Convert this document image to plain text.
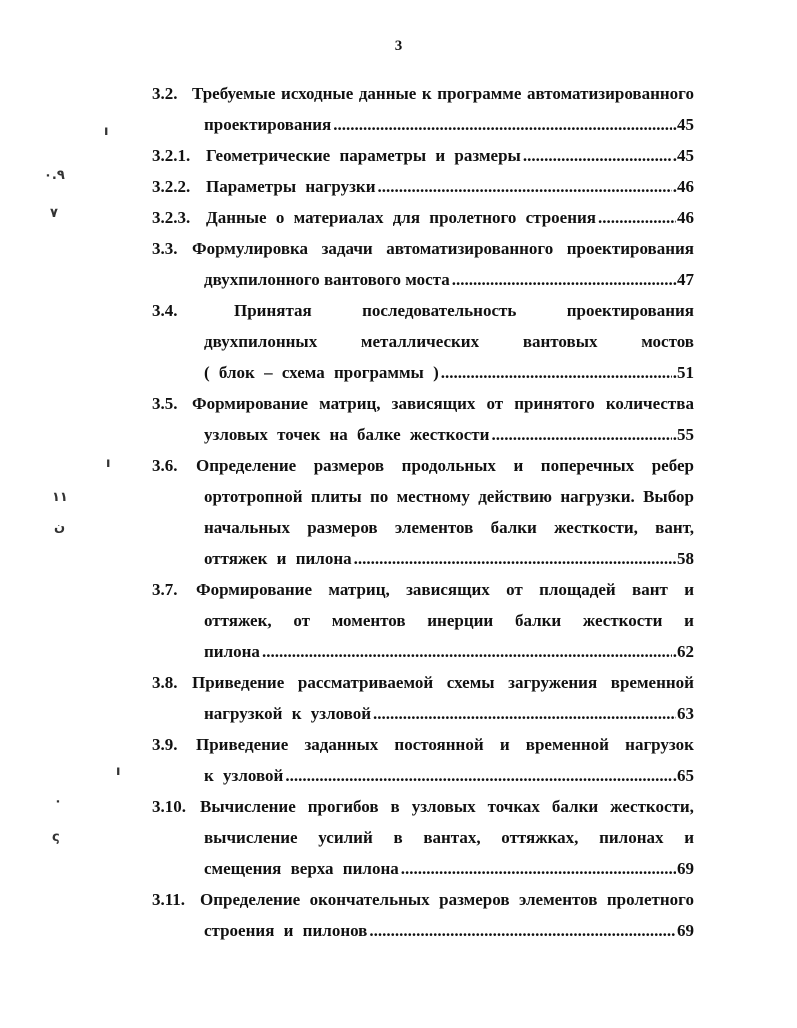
3
ı
٠.٩
٧
ı
١١
ن
ı
٠
ς
3.2. Требуемые исходные данные к программе автоматизированного
проектирования .....	.45
3.2.1. Геометрические параметры и размеры .....	.45
3.2.2. Параметры нагрузки .....	.46
3.2.3. Данные о материалах для пролетного строения .....	46
3.3. Формулировка задачи автоматизированного проектирования
двухпилонного вантового моста .....	.47
3.4.	Принятая	последовательность	проектирования
двухпилонных	металлических	вантовых	мостов
( блок – схема программы ) .....	.51
3.5. Формирование матриц, зависящих от принятого количества
узловых точек на балке жесткости .....	.55
3.6. Определение размеров продольных и поперечных ребер
ортотропной плиты по местному действию нагрузки. Выбор
начальных размеров элементов балки жесткости, вант,
оттяжек и пилона .....	58
3.7. Формирование матриц, зависящих от площадей вант и
оттяжек, от моментов инерции балки жесткости и
пилона .....	.62
3.8. Приведение рассматриваемой схемы загружения временной
нагрузкой к узловой .....	63
3.9. Приведение заданных постоянной и временной нагрузок
к узловой .....	.65
3.10. Вычисление прогибов в узловых точках балки жесткости,
вычисление усилий в вантах, оттяжках, пилонах и
смещения верха пилона .....	69
3.11. Определение окончательных размеров элементов пролетного
строения и пилонов .....	69
